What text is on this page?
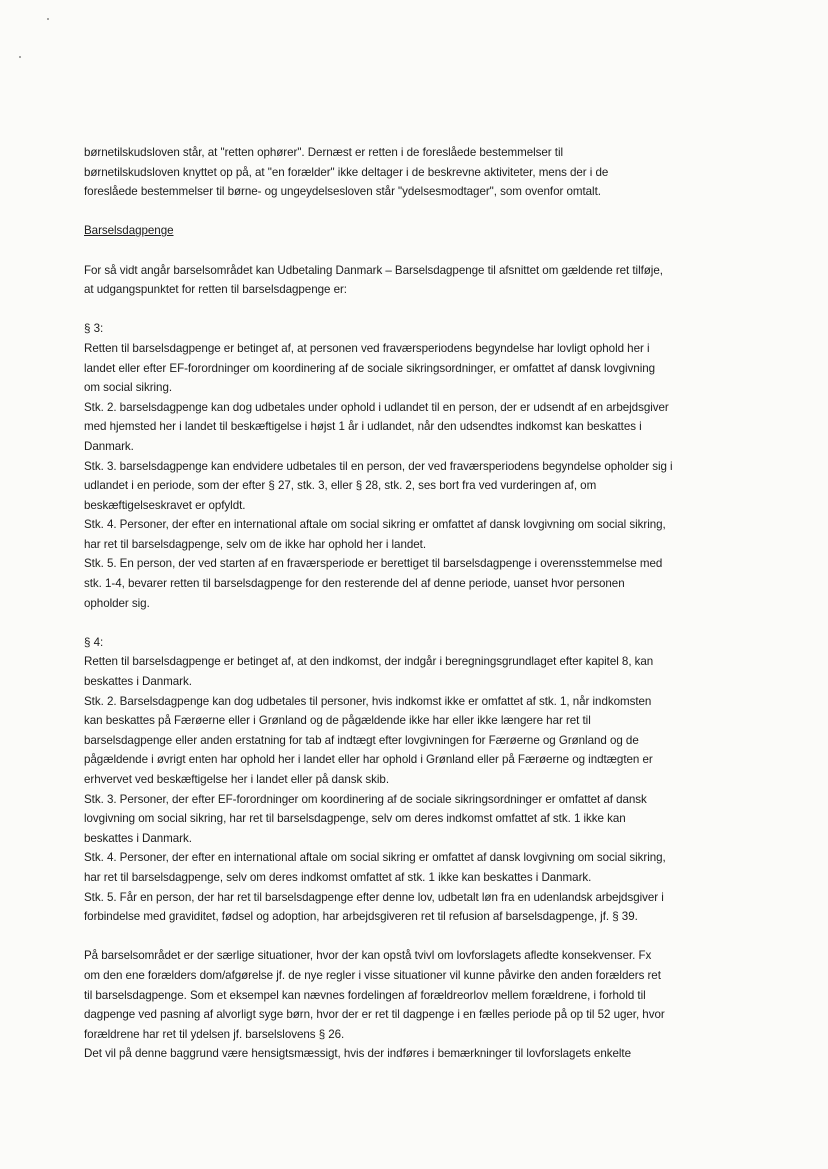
børnetilskudsloven står, at "retten ophører". Dernæst er retten i de foreslåede bestemmelser til

børnetilskudsloven knyttet op på, at "en forælder" ikke deltager i de beskrevne aktiviteter, mens der i de

foreslåede bestemmelser til børne- og ungeydelsesloven står "ydelsesmodtager", som ovenfor omtalt.

Barselsdagpenge

For så vidt angår barselsområdet kan Udbetaling Danmark – Barselsdagpenge til afsnittet om gældende ret tilføje,

at udgangspunktet for retten til barselsdagpenge er:

§ 3:

Retten til barselsdagpenge er betinget af, at personen ved fraværsperiodens begyndelse har lovligt ophold her i

landet eller efter EF-forordninger om koordinering af de sociale sikringsordninger, er omfattet af dansk lovgivning

om social sikring.

Stk. 2. barselsdagpenge kan dog udbetales under ophold i udlandet til en person, der er udsendt af en arbejdsgiver

med hjemsted her i landet til beskæftigelse i højst 1 år i udlandet, når den udsendtes indkomst kan beskattes i

Danmark.

Stk. 3. barselsdagpenge kan endvidere udbetales til en person, der ved fraværsperiodens begyndelse opholder sig i

udlandet i en periode, som der efter § 27, stk. 3, eller § 28, stk. 2, ses bort fra ved vurderingen af, om

beskæftigelseskravet er opfyldt.

Stk. 4. Personer, der efter en international aftale om social sikring er omfattet af dansk lovgivning om social sikring,

har ret til barselsdagpenge, selv om de ikke har ophold her i landet.

Stk. 5. En person, der ved starten af en fraværsperiode er berettiget til barselsdagpenge i overensstemmelse med

stk. 1-4, bevarer retten til barselsdagpenge for den resterende del af denne periode, uanset hvor personen

opholder sig.

§ 4:

Retten til barselsdagpenge er betinget af, at den indkomst, der indgår i beregningsgrundlaget efter kapitel 8, kan

beskattes i Danmark.

Stk. 2. Barselsdagpenge kan dog udbetales til personer, hvis indkomst ikke er omfattet af stk. 1, når indkomsten

kan beskattes på Færøerne eller i Grønland og de pågældende ikke har eller ikke længere har ret til

barselsdagpenge eller anden erstatning for tab af indtægt efter lovgivningen for Færøerne og Grønland og de

pågældende i øvrigt enten har ophold her i landet eller har ophold i Grønland eller på Færøerne og indtægten er

erhvervet ved beskæftigelse her i landet eller på dansk skib.

Stk. 3. Personer, der efter EF-forordninger om koordinering af de sociale sikringsordninger er omfattet af dansk

lovgivning om social sikring, har ret til barselsdagpenge, selv om deres indkomst omfattet af stk. 1 ikke kan

beskattes i Danmark.

Stk. 4. Personer, der efter en international aftale om social sikring er omfattet af dansk lovgivning om social sikring,

har ret til barselsdagpenge, selv om deres indkomst omfattet af stk. 1 ikke kan beskattes i Danmark.

Stk. 5. Får en person, der har ret til barselsdagpenge efter denne lov, udbetalt løn fra en udenlandsk arbejdsgiver i

forbindelse med graviditet, fødsel og adoption, har arbejdsgiveren ret til refusion af barselsdagpenge, jf. § 39.

På barselsområdet er der særlige situationer, hvor der kan opstå tvivl om lovforslagets afledte konsekvenser. Fx

om den ene forælders dom/afgørelse jf. de nye regler i visse situationer vil kunne påvirke den anden forælders ret

til barselsdagpenge. Som et eksempel kan nævnes fordelingen af forældreorlov mellem forældrene, i forhold til

dagpenge ved pasning af alvorligt syge børn, hvor der er ret til dagpenge i en fælles periode på op til 52 uger, hvor

forældrene har ret til ydelsen jf. barselslovens § 26.

Det vil på denne baggrund være hensigtsmæssigt, hvis der indføres i bemærkninger til lovforslagets enkelte
